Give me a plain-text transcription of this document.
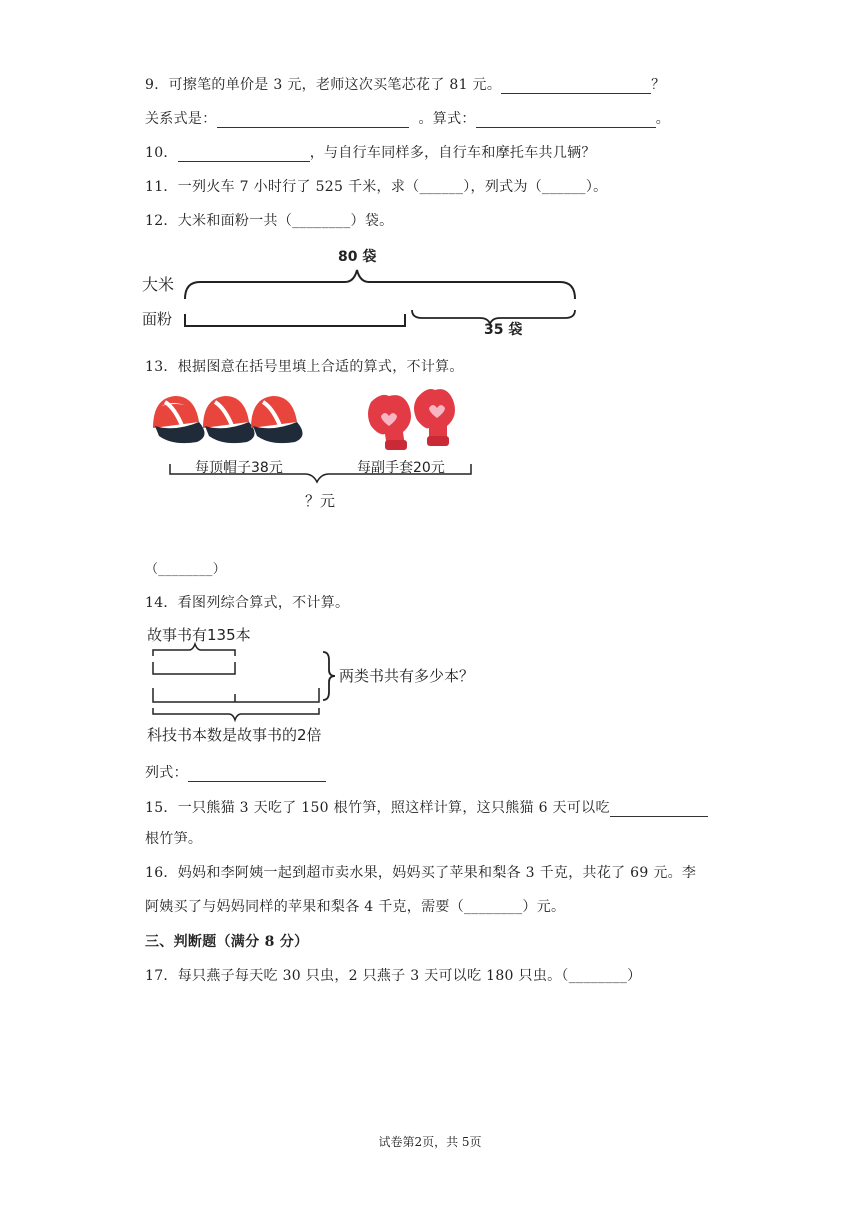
9．可擦笔的单价是 3 元，老师这次买笔芯花了 81 元。	？
关系式是：	。算式：	。
10．	，与自行车同样多，自行车和摩托车共几辆？
11．一列火车 7 小时行了 525 千米，求（______），列式为（______）。
12．大米和面粉一共（________）袋。
80 袋
大米
面粉
35 袋
13．根据图意在括号里填上合适的算式，不计算。
每顶帽子38元	每副手套20元
？元
（________）
14．看图列综合算式，不计算。
故事书有135本
两类书共有多少本？
科技书本数是故事书的2倍
列式：
15．一只熊猫 3 天吃了 150 根竹笋，照这样计算，这只熊猫 6 天可以吃
根竹笋。
16．妈妈和李阿姨一起到超市卖水果，妈妈买了苹果和梨各 3 千克，共花了 69 元。李
阿姨买了与妈妈同样的苹果和梨各 4 千克，需要（________）元。
三、判断题（满分 8 分）
17．每只燕子每天吃 30 只虫，2 只燕子 3 天可以吃 180 只虫。（________）
试卷第2页，共 5页
